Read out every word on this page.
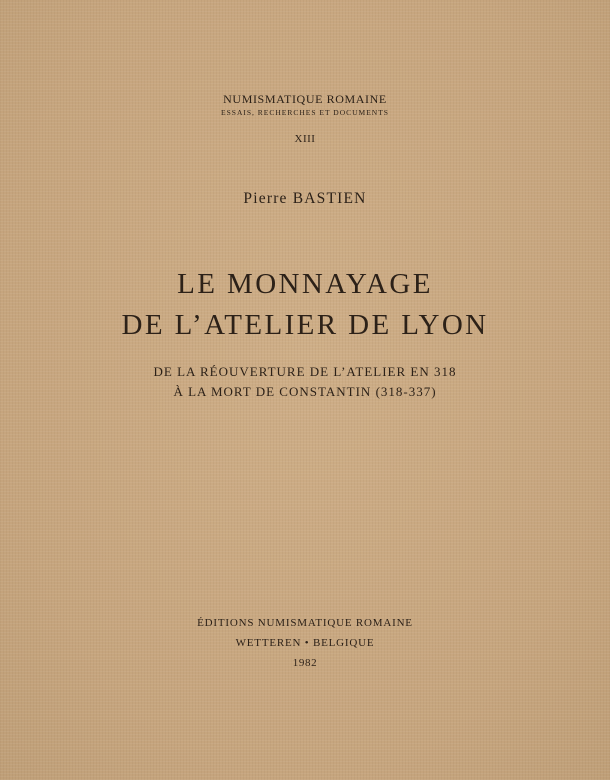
NUMISMATIQUE ROMAINE
ESSAIS, RECHERCHES ET DOCUMENTS
XIII
Pierre BASTIEN
LE MONNAYAGE
DE L’ATELIER DE LYON
DE LA RÉOUVERTURE DE L’ATELIER EN 318
À LA MORT DE CONSTANTIN (318-337)
ÉDITIONS NUMISMATIQUE ROMAINE
WETTEREN • BELGIQUE
1982
